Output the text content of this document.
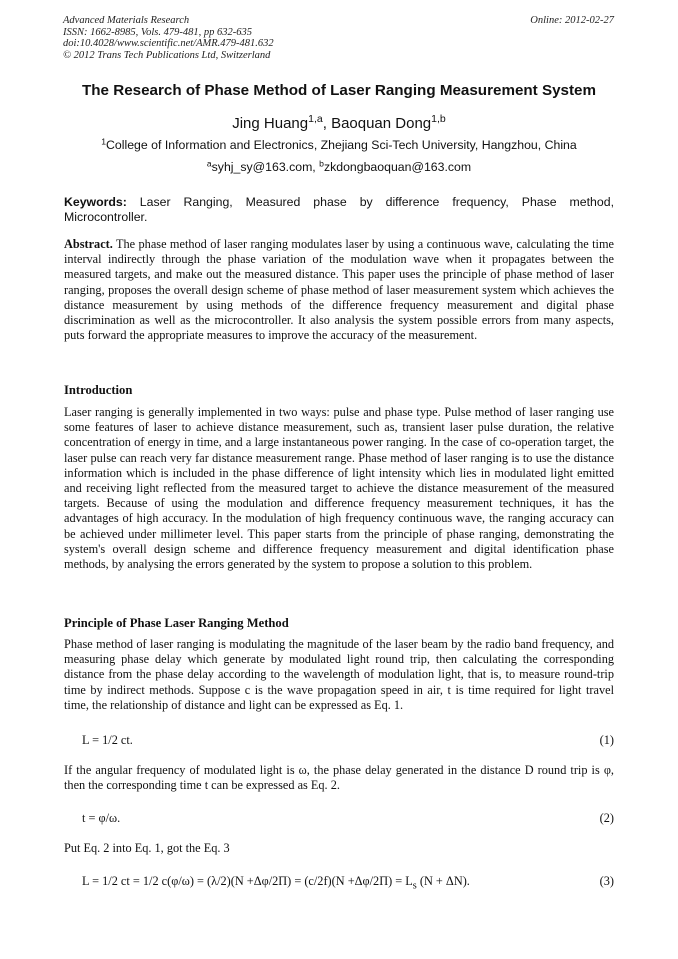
Advanced Materials Research
ISSN: 1662-8985, Vols. 479-481, pp 632-635
doi:10.4028/www.scientific.net/AMR.479-481.632
© 2012 Trans Tech Publications Ltd, Switzerland
Online: 2012-02-27
The Research of Phase Method of Laser Ranging Measurement System
Jing Huang$^{1,a}$, Baoquan Dong$^{1,b}$
$^1$College of Information and Electronics, Zhejiang Sci-Tech University, Hangzhou, China
$^a$syhj_sy@163.com, $^b$zkdongbaoquan@163.com
Keywords: Laser Ranging, Measured phase by difference frequency, Phase method, Microcontroller.
Abstract. The phase method of laser ranging modulates laser by using a continuous wave, calculating the time interval indirectly through the phase variation of the modulation wave when it propagates between the measured targets, and make out the measured distance. This paper uses the principle of phase method of laser ranging, proposes the overall design scheme of phase method of laser measurement system which achieves the distance measurement by using methods of the difference frequency measurement and digital phase discrimination as well as the microcontroller. It also analysis the system possible errors from many aspects, puts forward the appropriate measures to improve the accuracy of the measurement.
Introduction
Laser ranging is generally implemented in two ways: pulse and phase type. Pulse method of laser ranging use some features of laser to achieve distance measurement, such as, transient laser pulse duration, the relative concentration of energy in time, and a large instantaneous power ranging. In the case of co-operation target, the laser pulse can reach very far distance measurement range. Phase method of laser ranging is to use the distance information which is included in the phase difference of light intensity which lies in modulated light emitted and receiving light reflected from the measured target to achieve the distance measurement of the measured targets. Because of using the modulation and difference frequency measurement techniques, it has the advantages of high accuracy. In the modulation of high frequency continuous wave, the ranging accuracy can be achieved under millimeter level. This paper starts from the principle of phase ranging, demonstrating the system's overall design scheme and difference frequency measurement and digital identification phase methods, by analysing the errors generated by the system to propose a solution to this problem.
Principle of Phase Laser Ranging Method
Phase method of laser ranging is modulating the magnitude of the laser beam by the radio band frequency, and measuring phase delay which generate by modulated light round trip, then calculating the corresponding distance from the phase delay according to the wavelength of modulation light, that is, to measure round-trip time by indirect methods. Suppose c is the wave propagation speed in air, t is time required for light travel time, the relationship of distance and light can be expressed as Eq. 1.
L = 1/2 ct.	(1)
If the angular frequency of modulated light is ω, the phase delay generated in the distance D round trip is φ, then the corresponding time t can be expressed as Eq. 2.
t = φ/ω.	(2)
Put Eq. 2 into Eq. 1, got the Eq. 3
L = 1/2 ct = 1/2 $c(\varphi/\omega) = (\lambda/2)(N +\Delta\varphi/2\Pi) = (c/2f)(N +\Delta\varphi/2\Pi) = L_s$ (N + ΔN).	(3)
